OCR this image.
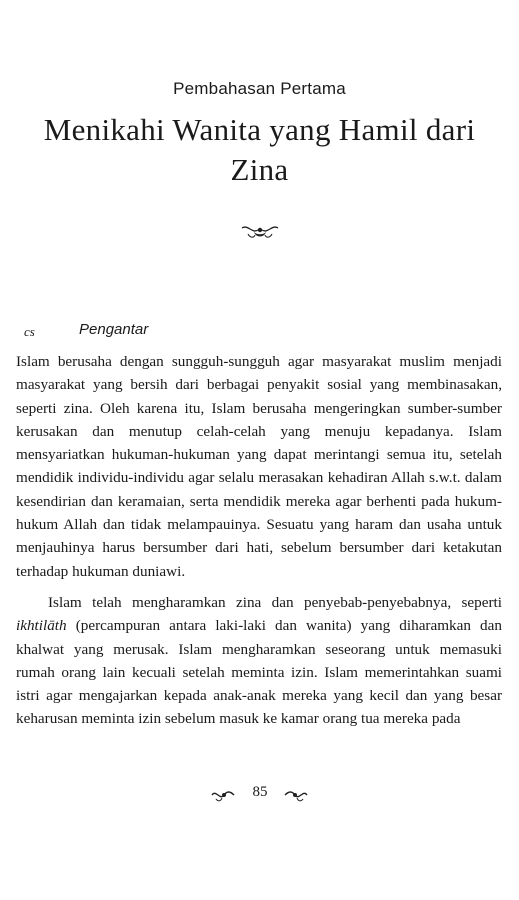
Pembahasan Pertama
Menikahi Wanita yang Hamil dari Zina
cs	Pengantar

Islam berusaha dengan sungguh-sungguh agar masyarakat muslim menjadi masyarakat yang bersih dari berbagai penyakit sosial yang membinasakan, seperti zina. Oleh karena itu, Islam berusaha mengeringkan sumber-sumber kerusakan dan menutup celah-celah yang menuju kepadanya. Islam mensyariatkan hukuman-hukuman yang dapat merintangi semua itu, setelah mendidik individu-individu agar selalu merasakan kehadiran Allah s.w.t. dalam kesendirian dan keramaian, serta mendidik mereka agar berhenti pada hukum-hukum Allah dan tidak melampauinya. Sesuatu yang haram dan usaha untuk menjauhinya harus bersumber dari hati, sebelum bersumber dari ketakutan terhadap hukuman duniawi.

Islam telah mengharamkan zina dan penyebab-penyebabnya, seperti ikhtilāth (percampuran antara laki-laki dan wanita) yang diharamkan dan khalwat yang merusak. Islam mengharamkan seseorang untuk memasuki rumah orang lain kecuali setelah meminta izin. Islam memerintahkan suami istri agar mengajarkan kepada anak-anak mereka yang kecil dan yang besar keharusan meminta izin sebelum masuk ke kamar orang tua mereka pada

85
